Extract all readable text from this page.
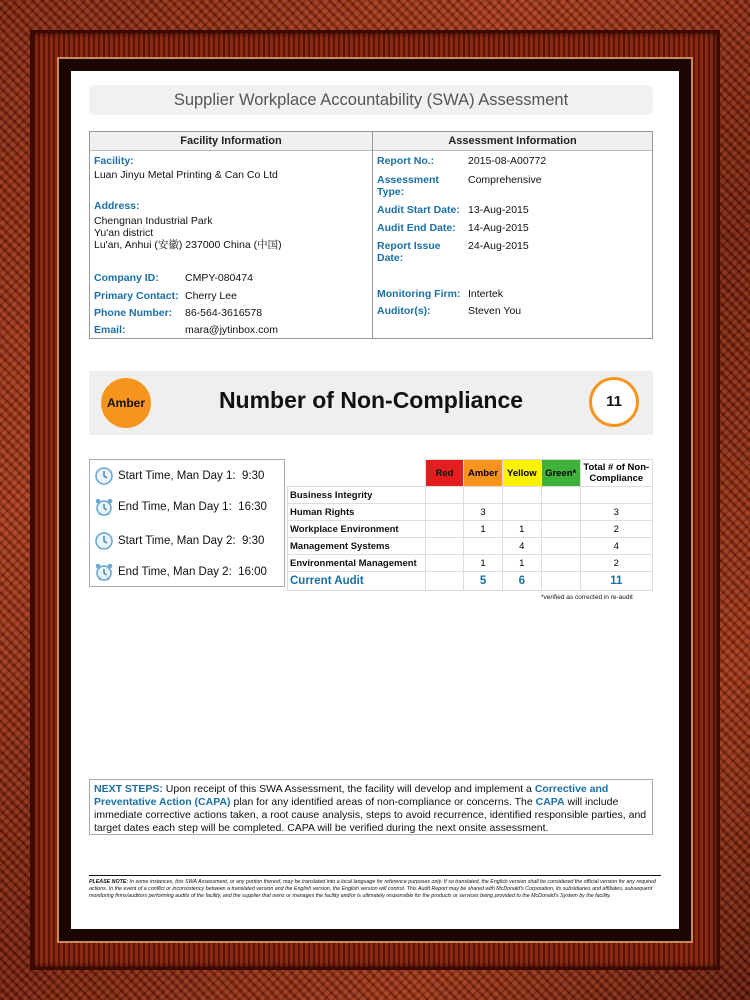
Supplier Workplace Accountability (SWA) Assessment
Facility Information
Facility:
Luan Jinyu Metal Printing & Can Co Ltd
Address:
Chengnan Industrial Park
Yu'an district
Lu'an, Anhui (安徽) 237000 China (中国)
Company ID: CMPY-080474
Primary Contact: Cherry Lee
Phone Number: 86-564-3616578
Email:	mara@jytinbox.com
Assessment Information
Report No.:	2015-08-A00772
Assessment Type:
Comprehensive
Audit Start Date: 13-Aug-2015
Audit End Date: 14-Aug-2015
Report Issue Date:
24-Aug-2015
Monitoring Firm: Intertek
Auditor(s):	Steven You
Amber	Number of Non-Compliance	11
Start Time, Man Day 1: 9:30
End Time, Man Day 1: 16:30
Start Time, Man Day 2: 9:30
End Time, Man Day 2: 16:00
	Red	Amber	Yellow	Green*	Total # of Non-Compliance
Business Integrity					
Human Rights		3			3
Workplace Environment		1	1		2
Management Systems			4		4
Environmental Management		1	1		2
Current Audit		5	6		11
*verified as corrected in re-audit
NEXT STEPS: Upon receipt of this SWA Assessment, the facility will develop and implement a Corrective and Preventative Action (CAPA) plan for any identified areas of non-compliance or concerns. The CAPA will include immediate corrective actions taken, a root cause analysis, steps to avoid recurrence, identified responsible parties, and target dates each step will be completed. CAPA will be verified during the next onsite assessment.
PLEASE NOTE: In some instances, this SWA Assessment, or any portion thereof, may be translated into a local language for reference purposes only. If so translated, the English version shall be considered the official version for any required actions. In the event of a conflict or inconsistency between a translated version and the English version, the English version will control. This Audit Report may be shared with McDonald's Corporation, its subsidiaries and affiliates, subsequent monitoring firms/auditors performing audits of the facility, and the supplier that owns or manages the facility and/or is ultimately responsible for the products or services being provided to the McDonald's System by the facility.
